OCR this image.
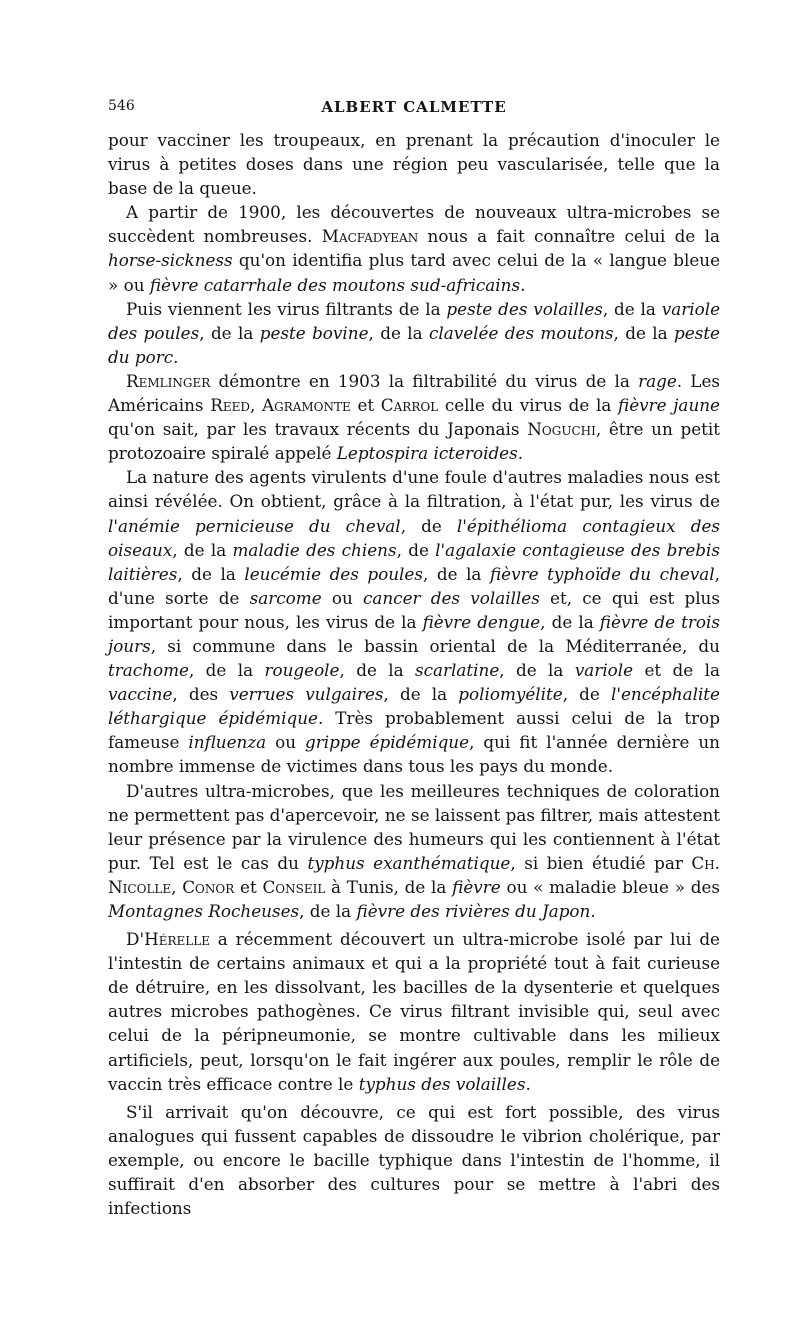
546	ALBERT CALMETTE

pour vacciner les troupeaux, en prenant la précaution d'inoculer le virus à petites doses dans une région peu vascularisée, telle que la base de la queue.

A partir de 1900, les découvertes de nouveaux ultra-microbes se succèdent nombreuses. Macfadyean nous a fait connaître celui de la horse-sickness qu'on identifia plus tard avec celui de la « langue bleue » ou fièvre catarrhale des moutons sud-africains.

Puis viennent les virus filtrants de la peste des volailles, de la variole des poules, de la peste bovine, de la clavelée des moutons, de la peste du porc.

Remlinger démontre en 1903 la filtrabilité du virus de la rage. Les Américains Reed, Agramonte et Carrol celle du virus de la fièvre jaune qu'on sait, par les travaux récents du Japonais Noguchi, être un petit protozoaire spiralé appelé Leptospira icteroides.

La nature des agents virulents d'une foule d'autres maladies nous est ainsi révélée. On obtient, grâce à la filtration, à l'état pur, les virus de l'anémie pernicieuse du cheval, de l'épithélioma contagieux des oiseaux, de la maladie des chiens, de l'agalaxie contagieuse des brebis laitières, de la leucémie des poules, de la fièvre typhoïde du cheval, d'une sorte de sarcome ou cancer des volailles et, ce qui est plus important pour nous, les virus de la fièvre dengue, de la fièvre de trois jours, si commune dans le bassin oriental de la Méditerranée, du trachome, de la rougeole, de la scarlatine, de la variole et de la vaccine, des verrues vulgaires, de la poliomyélite, de l'encéphalite léthargique épidémique. Très probablement aussi celui de la trop fameuse influenza ou grippe épidémique, qui fit l'année dernière un nombre immense de victimes dans tous les pays du monde.

D'autres ultra-microbes, que les meilleures techniques de coloration ne permettent pas d'apercevoir, ne se laissent pas filtrer, mais attestent leur présence par la virulence des humeurs qui les contiennent à l'état pur. Tel est le cas du typhus exanthématique, si bien étudié par Ch. Nicolle, Conor et Conseil à Tunis, de la fièvre ou « maladie bleue » des Montagnes Rocheuses, de la fièvre des rivières du Japon.

D'Hérelle a récemment découvert un ultra-microbe isolé par lui de l'intestin de certains animaux et qui a la propriété tout à fait curieuse de détruire, en les dissolvant, les bacilles de la dysenterie et quelques autres microbes pathogènes. Ce virus filtrant invisible qui, seul avec celui de la péripneumonie, se montre cultivable dans les milieux artificiels, peut, lorsqu'on le fait ingérer aux poules, remplir le rôle de vaccin très efficace contre le typhus des volailles.

S'il arrivait qu'on découvre, ce qui est fort possible, des virus analogues qui fussent capables de dissoudre le vibrion cholérique, par exemple, ou encore le bacille typhique dans l'intestin de l'homme, il suffirait d'en absorber des cultures pour se mettre à l'abri des infections
